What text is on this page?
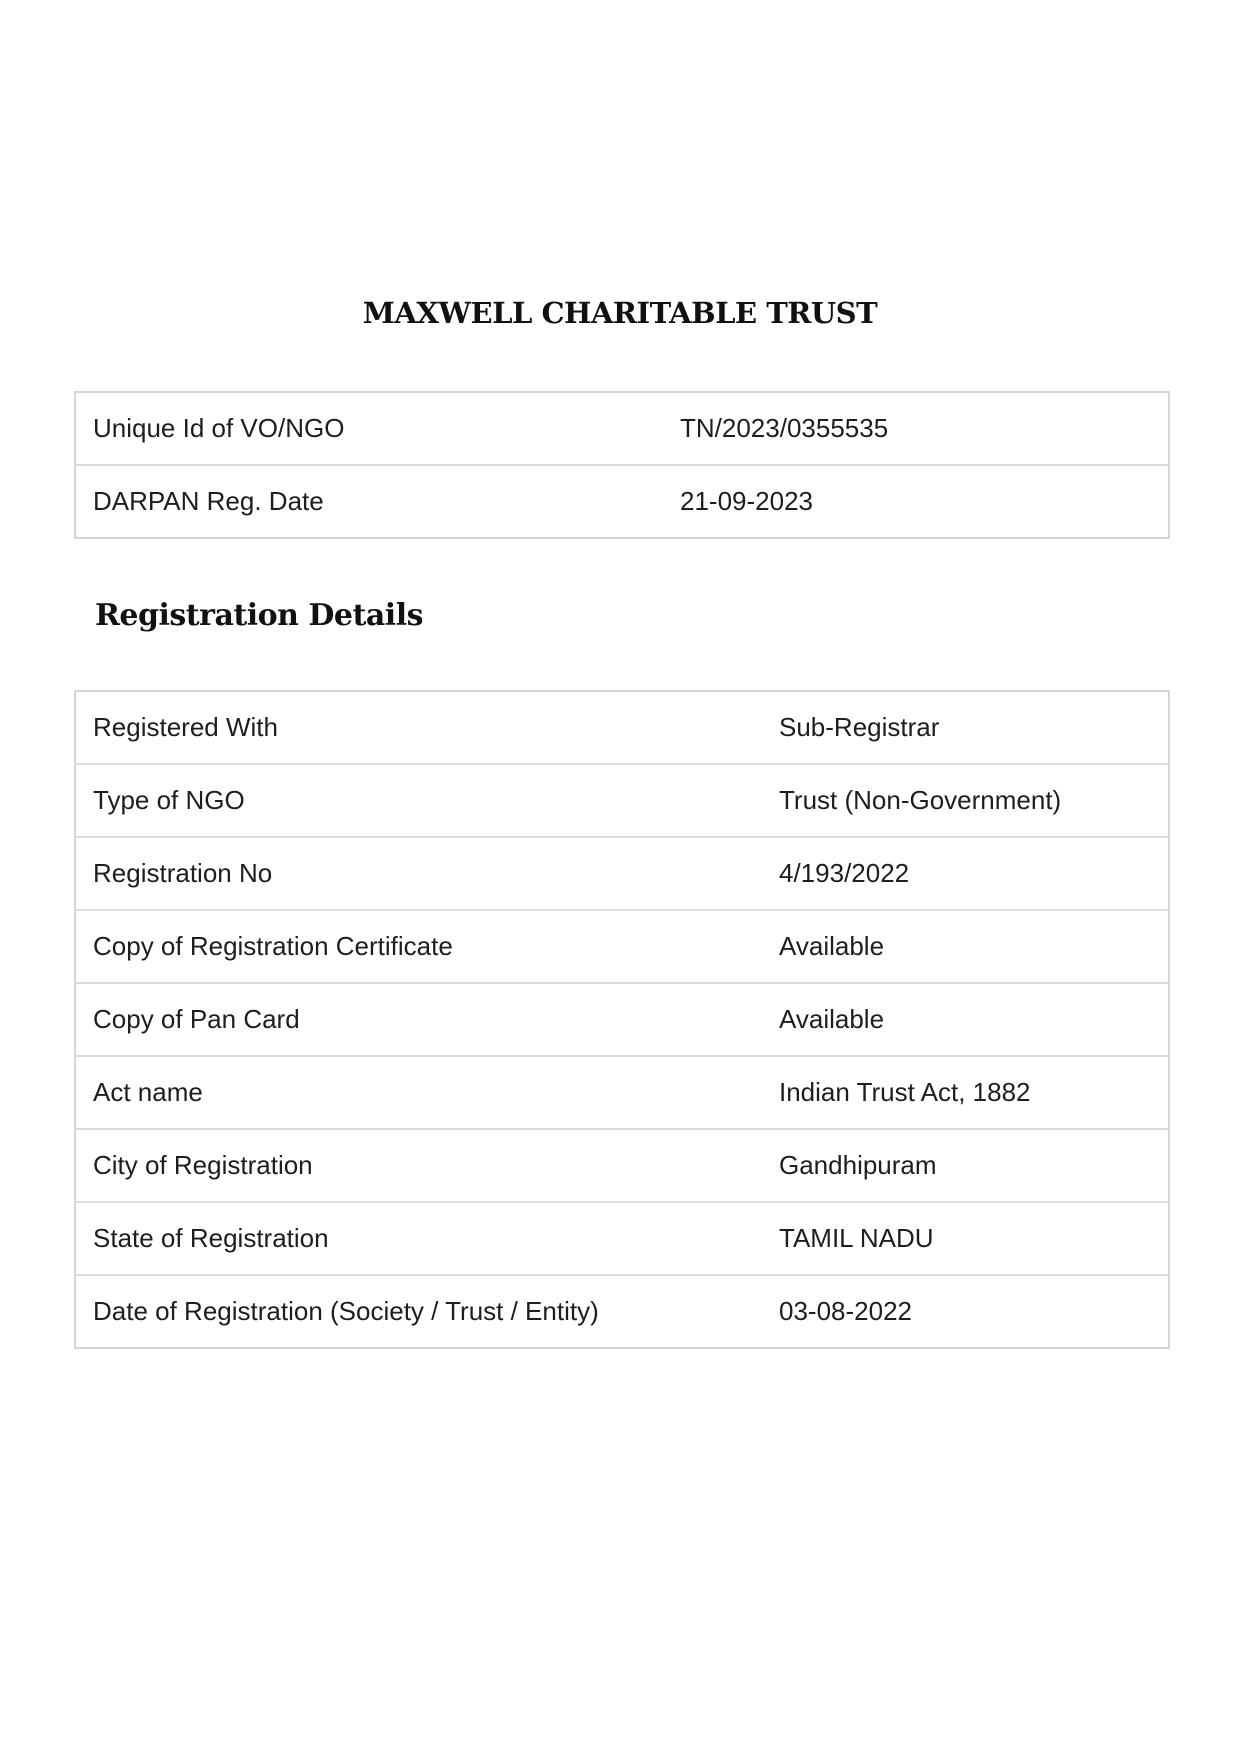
MAXWELL CHARITABLE TRUST
Unique Id of VO/NGO	TN/2023/0355535
DARPAN Reg. Date	21-09-2023
Registration Details
Registered With	Sub-Registrar
Type of NGO	Trust (Non-Government)
Registration No	4/193/2022
Copy of Registration Certificate	Available
Copy of Pan Card	Available
Act name	Indian Trust Act, 1882
City of Registration	Gandhipuram
State of Registration	TAMIL NADU
Date of Registration (Society / Trust / Entity)	03-08-2022
